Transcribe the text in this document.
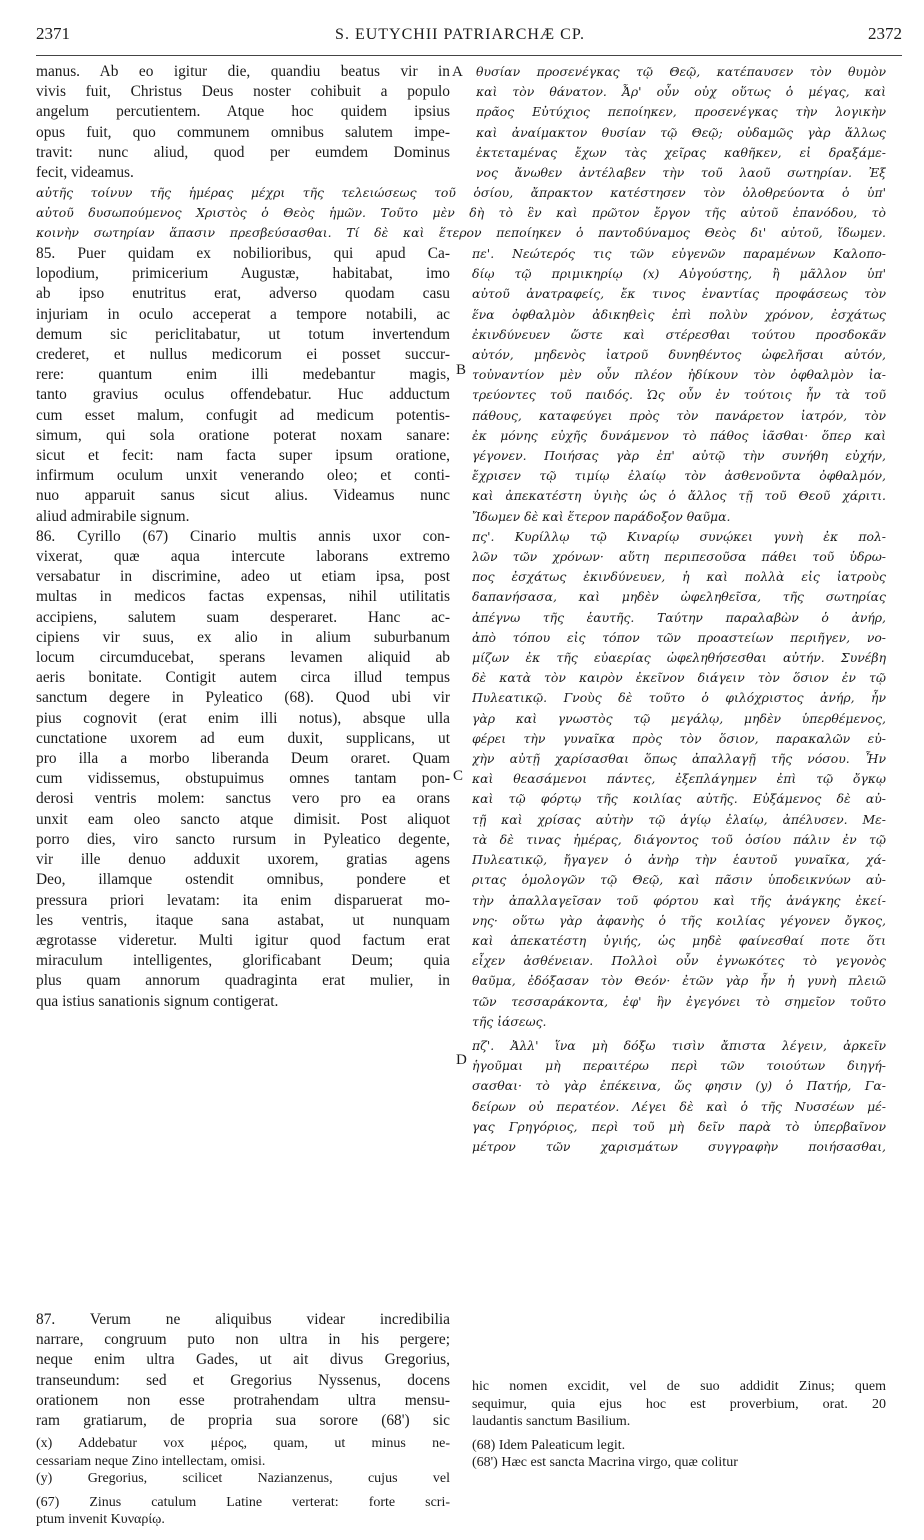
2371	S. EUTYCHII PATRIARCHÆ CP.	2372
manus. Ab eo igitur die, quandiu beatus vir in
vivis fuit, Christus Deus noster cohibuit a populo
angelum percutientem. Atque hoc quidem ipsius
opus fuit, quo communem omnibus salutem impe-
travit: nunc aliud, quod per eumdem Dominus
fecit, videamus.
θυσίαν προσενέγκας τῷ Θεῷ, κατέπαυσεν τὸν θυμὸν
καὶ τὸν θάνατον. Ἆρ' οὖν οὐχ οὕτως ὁ μέγας, καὶ
πρᾶος Εὐτύχιος πεποίηκεν, προσενέγκας τὴν λογικὴν
καὶ ἀναίμακτον θυσίαν τῷ Θεῷ; οὐδαμῶς γὰρ ἄλλως
ἐκτεταμένας ἔχων τὰς χεῖρας καθῆκεν, εἰ δραξάμε-
νος ἄνωθεν ἀντέλαβεν τὴν τοῦ λαοῦ σωτηρίαν. Ἐξ
αὐτῆς τοίνυν τῆς ἡμέρας μέχρι τῆς τελειώσεως τοῦ ὁσίου, ἄπρακτον κατέστησεν τὸν ὀλοθρεύοντα ὁ ὑπ'
αὐτοῦ δυσωπούμενος Χριστὸς ὁ Θεὸς ἡμῶν. Τοῦτο μὲν δὴ τὸ ἓν καὶ πρῶτον ἔργον τῆς αὐτοῦ ἐπανόδου, τὸ
κοινὴν σωτηρίαν ἅπασιν πρεσβεύσασθαι. Τί δὲ καὶ ἕτερον πεποίηκεν ὁ παντοδύναμος Θεὸς δι' αὐτοῦ, ἴδωμεν.
85. Puer quidam ex nobilioribus, qui apud Ca-
lopodium, primicerium Augustæ, habitabat, imo
ab ipso enutritus erat, adverso quodam casu
injuriam in oculo acceperat a tempore notabili, ac
demum sic periclitabatur, ut totum invertendum
crederet, et nullus medicorum ei posset succur-
rere: quantum enim illi medebantur magis,
tanto gravius oculus offendebatur. Huc adductum
cum esset malum, confugit ad medicum potentis-
simum, qui sola oratione poterat noxam sanare:
sicut et fecit: nam facta super ipsum oratione,
infirmum oculum unxit venerando oleo; et conti-
nuo apparuit sanus sicut alius. Videamus nunc
aliud admirabile signum.
86. Cyrillo (67) Cinario multis annis uxor con-
vixerat, quæ aqua intercute laborans extremo
versabatur in discrimine, adeo ut etiam ipsa, post
multas in medicos factas expensas, nihil utilitatis
accipiens, salutem suam desperaret. Hanc ac-
cipiens vir suus, ex alio in alium suburbanum
locum circumducebat, sperans levamen aliquid ab
aeris bonitate. Contigit autem circa illud tempus
sanctum degere in Pyleatico (68). Quod ubi vir
pius cognovit (erat enim illi notus), absque ulla
cunctatione uxorem ad eum duxit, supplicans, ut
pro illa a morbo liberanda Deum oraret. Quam
cum vidissemus, obstupuimus omnes tantam pon-
derosi ventris molem: sanctus vero pro ea orans
unxit eam oleo sancto atque dimisit. Post aliquot
porro dies, viro sancto rursum in Pyleatico degente,
vir ille denuo adduxit uxorem, gratias agens
Deo, illamque ostendit omnibus, pondere et
pressura priori levatam: ita enim disparuerat mo-
les ventris, itaque sana astabat, ut nunquam
ægrotasse videretur. Multi igitur quod factum erat
miraculum intelligentes, glorificabant Deum; quia
plus quam annorum quadraginta erat mulier, in
qua istius sanationis signum contigerat.
87. Verum ne aliquibus videar incredibilia
narrare, congruum puto non ultra in his pergere;
neque enim ultra Gades, ut ait divus Gregorius,
transeundum: sed et Gregorius Nyssenus, docens
orationem non esse protrahendam ultra mensu-
ram gratiarum, de propria sua sorore (68') sic
πε'. Νεώτερός τις τῶν εὐγενῶν παραμένων Καλοπο-
δίῳ τῷ πριμικηρίῳ (x) Αὐγούστης, ἢ μᾶλλον ὑπ'
αὐτοῦ ἀνατραφείς, ἔκ τινος ἐναντίας προφάσεως τὸν
ἕνα ὀφθαλμὸν ἀδικηθεὶς ἐπὶ πολὺν χρόνον, ἐσχάτως
ἐκινδύνευεν ὥστε καὶ στέρεσθαι τούτου προσδοκᾶν
αὐτόν, μηδενὸς ἰατροῦ δυνηθέντος ὠφελῆσαι αὐτόν,
τοὐναντίον μὲν οὖν πλέον ἠδίκουν τὸν ὀφθαλμὸν ἰα-
τρεύοντες τοῦ παιδός. Ὡς οὖν ἐν τούτοις ἦν τὰ τοῦ
πάθους, καταφεύγει πρὸς τὸν πανάρετον ἰατρόν, τὸν
ἐκ μόνης εὐχῆς δυνάμενον τὸ πάθος ἰᾶσθαι· ὅπερ καὶ
γέγονεν. Ποιήσας γὰρ ἐπ' αὐτῷ τὴν συνήθη εὐχήν,
ἔχρισεν τῷ τιμίῳ ἐλαίῳ τὸν ἀσθενοῦντα ὀφθαλμόν,
καὶ ἀπεκατέστη ὑγιὴς ὡς ὁ ἄλλος τῇ τοῦ Θεοῦ χάριτι.
Ἴδωμεν δὲ καὶ ἕτερον παράδοξον θαῦμα.
πς'. Κυρίλλῳ τῷ Κιναρίῳ συνῴκει γυνὴ ἐκ πολ-
λῶν τῶν χρόνων· αὕτη περιπεσοῦσα πάθει τοῦ ὑδρω-
πος ἐσχάτως ἐκινδύνευεν, ἡ καὶ πολλὰ εἰς ἰατροὺς
δαπανήσασα, καὶ μηδὲν ὠφεληθεῖσα, τῆς σωτηρίας
ἀπέγνω τῆς ἑαυτῆς. Ταύτην παραλαβὼν ὁ ἀνήρ,
ἀπὸ τόπου εἰς τόπον τῶν προαστείων περιῆγεν, νο-
μίζων ἐκ τῆς εὐαερίας ὠφεληθήσεσθαι αὐτήν. Συνέβη
δὲ κατὰ τὸν καιρὸν ἐκεῖνον διάγειν τὸν ὅσιον ἐν τῷ
Πυλεατικῷ. Γνοὺς δὲ τοῦτο ὁ φιλόχριστος ἀνήρ, ἦν
γὰρ καὶ γνωστὸς τῷ μεγάλῳ, μηδὲν ὑπερθέμενος,
φέρει τὴν γυναῖκα πρὸς τὸν ὅσιον, παρακαλῶν εὐ-
χὴν αὐτῇ χαρίσασθαι ὅπως ἀπαλλαγῇ τῆς νόσου. Ἦν
καὶ θεασάμενοι πάντες, ἐξεπλάγημεν ἐπὶ τῷ ὄγκῳ
καὶ τῷ φόρτῳ τῆς κοιλίας αὐτῆς. Εὐξάμενος δὲ αὐ-
τῇ καὶ χρίσας αὐτὴν τῷ ἁγίῳ ἐλαίῳ, ἀπέλυσεν. Με-
τὰ δὲ τινας ἡμέρας, διάγοντος τοῦ ὁσίου πάλιν ἐν τῷ
Πυλεατικῷ, ἤγαγεν ὁ ἀνὴρ τὴν ἑαυτοῦ γυναῖκα, χά-
ριτας ὁμολογῶν τῷ Θεῷ, καὶ πᾶσιν ὑποδεικνύων αὐ-
τὴν ἀπαλλαγεῖσαν τοῦ φόρτου καὶ τῆς ἀνάγκης ἐκεί-
νης· οὕτω γὰρ ἀφανὴς ὁ τῆς κοιλίας γέγονεν ὄγκος,
καὶ ἀπεκατέστη ὑγιής, ὡς μηδὲ φαίνεσθαί ποτε ὅτι
εἶχεν ἀσθένειαν. Πολλοὶ οὖν ἐγνωκότες τὸ γεγονὸς
θαῦμα, ἐδόξασαν τὸν Θεόν· ἐτῶν γὰρ ἦν ἡ γυνὴ πλειῶ
τῶν τεσσαράκοντα, ἐφ' ἣν ἐγεγόνει τὸ σημεῖον τοῦτο
τῆς ἰάσεως.
πζ'. Ἀλλ' ἵνα μὴ δόξω τισὶν ἄπιστα λέγειν, ἀρκεῖν
ἡγοῦμαι μὴ περαιτέρω περὶ τῶν τοιούτων διηγή-
σασθαι· τὸ γὰρ ἐπέκεινα, ὥς φησιν (y) ὁ Πατήρ, Γα-
δείρων οὐ περατέον. Λέγει δὲ καὶ ὁ τῆς Νυσσέων μέ-
γας Γρηγόριος, περὶ τοῦ μὴ δεῖν παρὰ τὸ ὑπερβαῖνον
μέτρον τῶν χαρισμάτων συγγραφὴν ποιήσασθαι,
(x) Addebatur vox μέρος, quam, ut minus ne-
cessariam neque Zino intellectam, omisi.
(y) Gregorius, scilicet Nazianzenus, cujus vel
(67) Zinus catulum Latine verterat: forte scri-
ptum invenit Κυναρίῳ.
hic nomen excidit, vel de suo addidit Zinus; quem
sequimur, quia ejus hoc est proverbium, orat. 20
laudantis sanctum Basilium.
(68) Idem Paleaticum legit.
(68') Hæc est sancta Macrina virgo, quæ colitur
A
B
C
D
